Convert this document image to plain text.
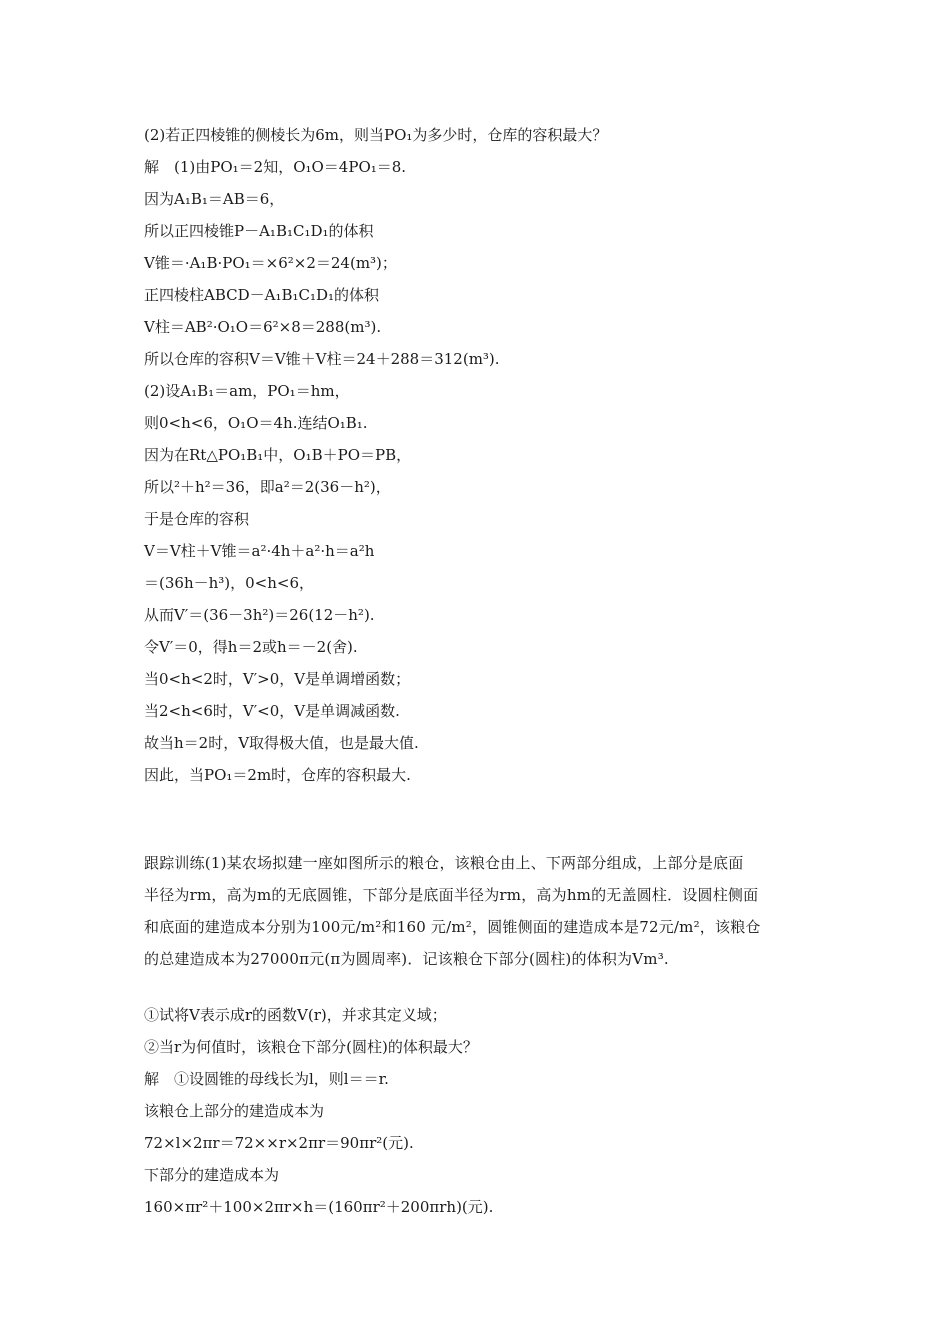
(2)若正四棱锥的侧棱长为6m，则当PO₁为多少时，仓库的容积最大？
解　(1)由PO₁＝2知，O₁O＝4PO₁＝8.
因为A₁B₁＝AB＝6，
所以正四棱锥P－A₁B₁C₁D₁的体积
V锥＝·A₁B·PO₁＝×6²×2＝24(m³)；
正四棱柱ABCD－A₁B₁C₁D₁的体积
V柱＝AB²·O₁O＝6²×8＝288(m³).
所以仓库的容积V＝V锥＋V柱＝24＋288＝312(m³).
(2)设A₁B₁＝am，PO₁＝hm，
则0<h<6，O₁O＝4h.连结O₁B₁.
因为在Rt△PO₁B₁中，O₁B＋PO＝PB，
所以²＋h²＝36，即a²＝2(36－h²)，
于是仓库的容积
V＝V柱＋V锥＝a²·4h＋a²·h＝a²h
＝(36h－h³)，0<h<6，
从而V′＝(36－3h²)＝26(12－h²).
令V′＝0，得h＝2或h＝－2(舍).
当0<h<2时，V′>0，V是单调增函数；
当2<h<6时，V′<0，V是单调减函数.
故当h＝2时，V取得极大值，也是最大值.
因此，当PO₁＝2m时，仓库的容积最大.
跟踪训练(1)某农场拟建一座如图所示的粮仓，该粮仓由上、下两部分组成，上部分是底面
半径为rm，高为m的无底圆锥，下部分是底面半径为rm，高为hm的无盖圆柱．设圆柱侧面
和底面的建造成本分别为100元/m²和160 元/m²，圆锥侧面的建造成本是72元/m²，该粮仓
的总建造成本为27000π元(π为圆周率)．记该粮仓下部分(圆柱)的体积为Vm³.
①试将V表示成r的函数V(r)，并求其定义域；
②当r为何值时，该粮仓下部分(圆柱)的体积最大？
解　①设圆锥的母线长为l，则l＝＝r.
该粮仓上部分的建造成本为
72×l×2πr＝72××r×2πr＝90πr²(元).
下部分的建造成本为
160×πr²＋100×2πr×h＝(160πr²＋200πrh)(元).
